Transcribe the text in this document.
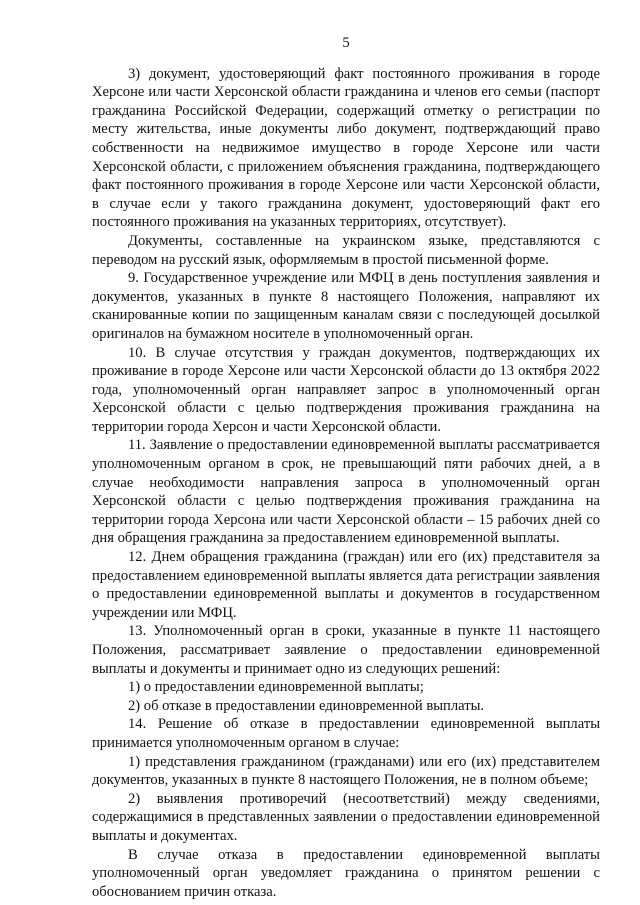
5

3) документ, удостоверяющий факт постоянного проживания в городе Херсоне или части Херсонской области гражданина и членов его семьи (паспорт гражданина Российской Федерации, содержащий отметку о регистрации по месту жительства, иные документы либо документ, подтверждающий право собственности на недвижимое имущество в городе Херсоне или части Херсонской области, с приложением объяснения гражданина, подтверждающего факт постоянного проживания в городе Херсоне или части Херсонской области, в случае если у такого гражданина документ, удостоверяющий факт его постоянного проживания на указанных территориях, отсутствует).

Документы, составленные на украинском языке, представляются с переводом на русский язык, оформляемым в простой письменной форме.

9. Государственное учреждение или МФЦ в день поступления заявления и документов, указанных в пункте 8 настоящего Положения, направляют их сканированные копии по защищенным каналам связи с последующей досылкой оригиналов на бумажном носителе в уполномоченный орган.

10. В случае отсутствия у граждан документов, подтверждающих их проживание в городе Херсоне или части Херсонской области до 13 октября 2022 года, уполномоченный орган направляет запрос в уполномоченный орган Херсонской области с целью подтверждения проживания гражданина на территории города Херсон и части Херсонской области.

11. Заявление о предоставлении единовременной выплаты рассматривается уполномоченным органом в срок, не превышающий пяти рабочих дней, а в случае необходимости направления запроса в уполномоченный орган Херсонской области с целью подтверждения проживания гражданина на территории города Херсона или части Херсонской области – 15 рабочих дней со дня обращения гражданина за предоставлением единовременной выплаты.

12. Днем обращения гражданина (граждан) или его (их) представителя за предоставлением единовременной выплаты является дата регистрации заявления о предоставлении единовременной выплаты и документов в государственном учреждении или МФЦ.

13. Уполномоченный орган в сроки, указанные в пункте 11 настоящего Положения, рассматривает заявление о предоставлении единовременной выплаты и документы и принимает одно из следующих решений:

1) о предоставлении единовременной выплаты;

2) об отказе в предоставлении единовременной выплаты.

14. Решение об отказе в предоставлении единовременной выплаты принимается уполномоченным органом в случае:

1) представления гражданином (гражданами) или его (их) представителем документов, указанных в пункте 8 настоящего Положения, не в полном объеме;

2) выявления противоречий (несоответствий) между сведениями, содержащимися в представленных заявлении о предоставлении единовременной выплаты и документах.

В случае отказа в предоставлении единовременной выплаты уполномоченный орган уведомляет гражданина о принятом решении с обоснованием причин отказа.
